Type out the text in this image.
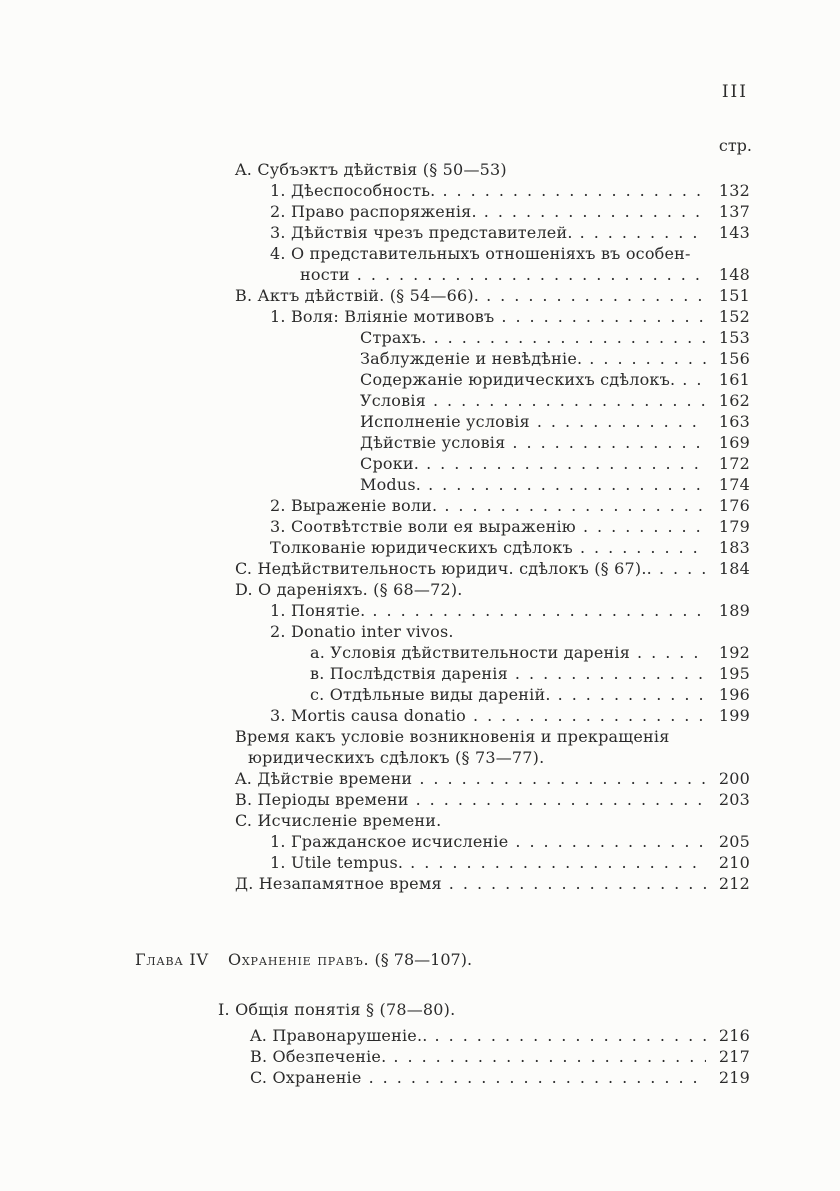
III
стр.
A. Субъэктъ дѣйствія (§ 50—53)
1. Дѣеспособность. .....	132
2. Право распоряженія. .....	137
3. Дѣйствія чрезъ представителей. .....	143
4. О представительныхъ отношеніяхъ въ особен-
ности .....	148
B. Актъ дѣйствій. (§ 54—66). .....	151
1. Воля: Вліяніе мотивовъ .....	152
Страхъ. .....	153
Заблужденіе и невѣдѣніе. .....	156
Содержаніе юридическихъ сдѣлокъ. .....	161
Условія .....	162
Исполненіе условія .....	163
Дѣйствіе условія .....	169
Сроки. .....	172
Modus. .....	174
2. Выраженіе воли. .....	176
3. Соотвѣтствіе воли ея выраженію .....	179
Толкованіе юридическихъ сдѣлокъ .....	183
C. Недѣйствительность юридич. сдѣлокъ (§ 67).. .....	184
D. О дареніяхъ. (§ 68—72).
1. Понятіе. .....	189
2. Donatio inter vivos.
a. Условія дѣйствительности даренія .....	192
в. Послѣдствія даренія .....	195
c. Отдѣльные виды дареній. .....	196
3. Mortis causa donatio .....	199
Время какъ условіе возникновенія и прекращенія
юридическихъ сдѣлокъ (§ 73—77).
A. Дѣйствіе времени .....	200
B. Періоды времени .....	203
C. Исчисленіе времени.
1. Гражданское исчисленіе .....	205
1. Utile tempus. .....	210
Д. Незапамятное время .....	212
Глава IV Охраненіе правъ. (§ 78—107).
I. Общія понятія § (78—80).
A. Правонарушеніе.. .....	216
B. Обезпеченіе. .....	217
C. Охраненіе .....	219
